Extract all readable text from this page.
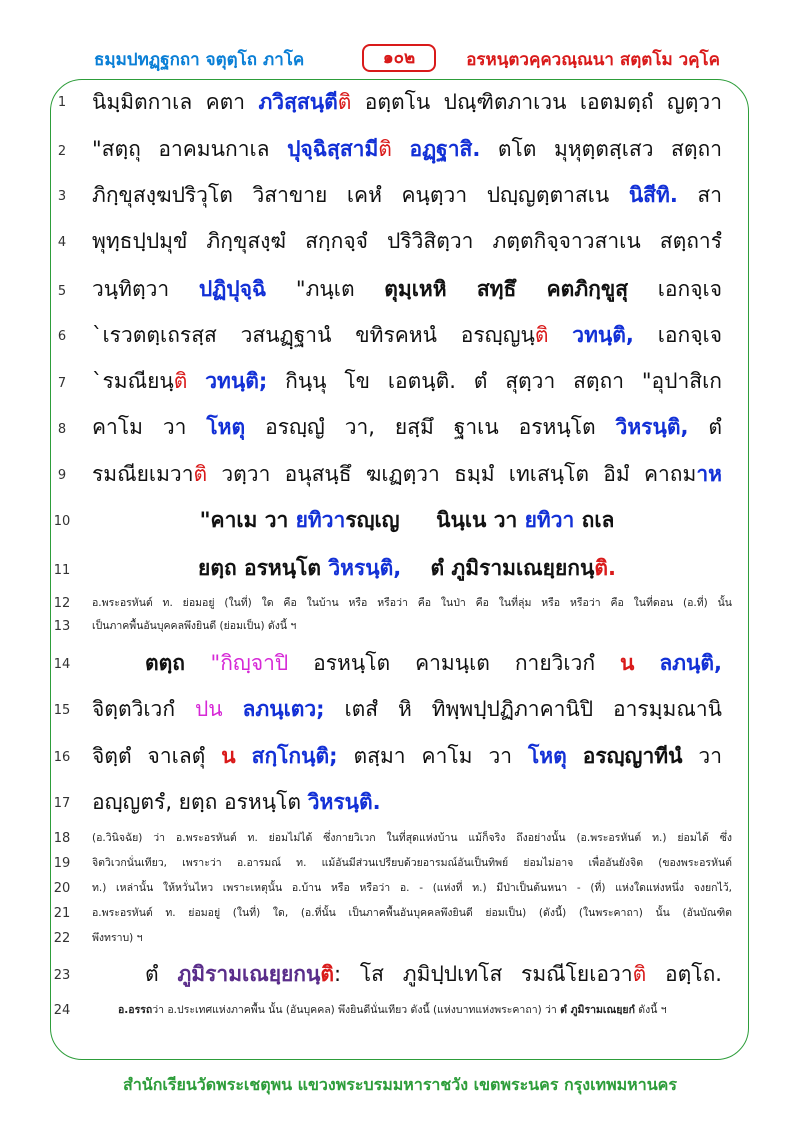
ธมฺมปทฏฺฐกถา จตุตฺโถ ภาโค	๑๐๒	อรหนฺตวคฺควณฺณนา สตฺตโม วคฺโค
1
2
3
4
5
6
7
8
9
10
11
12
13
14
15
16
17
18
19
20
21
22
23
24
นิมฺมิตกาเล คตา ภวิสฺสนฺตีติ อตฺตโน ปณฺฑิตภาเวน เอตมตฺถํ ญตฺวา
"สตฺถุ อาคมนกาเล ปุจฺฉิสฺสามีติ อฏฺฐาสิ. ตโต มุหุตฺตสฺเสว สตฺถา
ภิกฺขุสงฺฆปริวุโต วิสาขาย เคหํ คนฺตฺวา ปญฺญตฺตาสเน นิสีทิ. สา
พุทฺธปฺปมุขํ ภิกฺขุสงฺฆํ สกฺกจฺจํ ปริวิสิตฺวา ภตฺตกิจฺจาวสาเน สตฺถารํ
วนฺทิตฺวา ปฏิปุจฺฉิ "ภนฺเต ตุมฺเหหิ สทฺธึ คตภิกฺขูสุ เอกจฺเจ
`เรวตตฺเถรสฺส วสนฏฺฐานํ ขทิรคหนํ อรญฺญนฺติ วทนฺติ, เอกจฺเจ
`รมณียนฺติ วทนฺติ; กินฺนุ โข เอตนฺติ. ตํ สุตฺวา สตฺถา "อุปาสิเก
คาโม วา โหตุ อรญฺญํ วา, ยสฺมึ ฐาเน อรหนฺโต วิหรนฺติ, ตํ
รมณียเมวาติ วตฺวา อนุสนฺธึ ฆเฏตฺวา ธมฺมํ เทเสนฺโต อิมํ คาถมาห
"คาเม วา ยทิวารญฺเญ     นินฺเน วา ยทิวา ถเล
ยตฺถ อรหนฺโต วิหรนฺติ,    ตํ ภูมิรามเณยฺยกนฺติ.
อ.พระอรหันต์ ท. ย่อมอยู่ (ในที่) ใด คือ ในบ้าน หรือ หรือว่า คือ ในป่า คือ ในที่ลุ่ม หรือ หรือว่า คือ ในที่ดอน (อ.ที่) นั้น
เป็นภาคพื้นอันบุคคลพึงยินดี (ย่อมเป็น) ดังนี้ ฯ
ตตฺถ "กิญฺจาปิ อรหนฺโต คามนฺเต กายวิเวกํ น ลภนฺติ,
จิตฺตวิเวกํ ปน ลภนฺเตว; เตสํ หิ ทิพฺพปฺปฏิภาคานิปิ อารมฺมณานิ
จิตฺตํ จาเลตุํ น สกฺโกนฺติ; ตสฺมา คาโม วา โหตุ อรญฺญาทีนํ วา
อญฺญตรํ, ยตฺถ อรหนฺโต วิหรนฺติ.
(อ.วินิจฉัย) ว่า อ.พระอรหันต์ ท. ย่อมไม่ได้ ซึ่งกายวิเวก ในที่สุดแห่งบ้าน แม้ก็จริง ถึงอย่างนั้น (อ.พระอรหันต์ ท.) ย่อมได้ ซึ่ง
จิตวิเวกนั่นเทียว, เพราะว่า อ.อารมณ์ ท. แม้อันมีส่วนเปรียบด้วยอารมณ์อันเป็นทิพย์ ย่อมไม่อาจ เพื่ออันยังจิต (ของพระอรหันต์
ท.) เหล่านั้น ให้หวั่นไหว เพราะเหตุนั้น อ.บ้าน หรือ หรือว่า อ. - (แห่งที่ ท.) มีป่าเป็นต้นหนา - (ที่) แห่งใดแห่งหนึ่ง จงยกไว้,
อ.พระอรหันต์ ท. ย่อมอยู่ (ในที่) ใด, (อ.ที่นั้น เป็นภาคพื้นอันบุคคลพึงยินดี ย่อมเป็น) (ดังนี้) (ในพระคาถา) นั้น (อันบัณฑิต
พึงทราบ) ฯ
ตํ ภูมิรามเณยฺยกนฺติ: โส ภูมิปฺปเทโส รมณีโยเอวาติ อตฺโถ.
อ.อรรถว่า อ.ประเทศแห่งภาคพื้น นั้น (อันบุคคล) พึงยินดีนั่นเทียว ดังนี้ (แห่งบาทแห่งพระคาถา) ว่า ตํ ภูมิรามเณยฺยกํ ดังนี้ ฯ
สำนักเรียนวัดพระเชตุพน แขวงพระบรมมหาราชวัง เขตพระนคร กรุงเทพมหานคร
